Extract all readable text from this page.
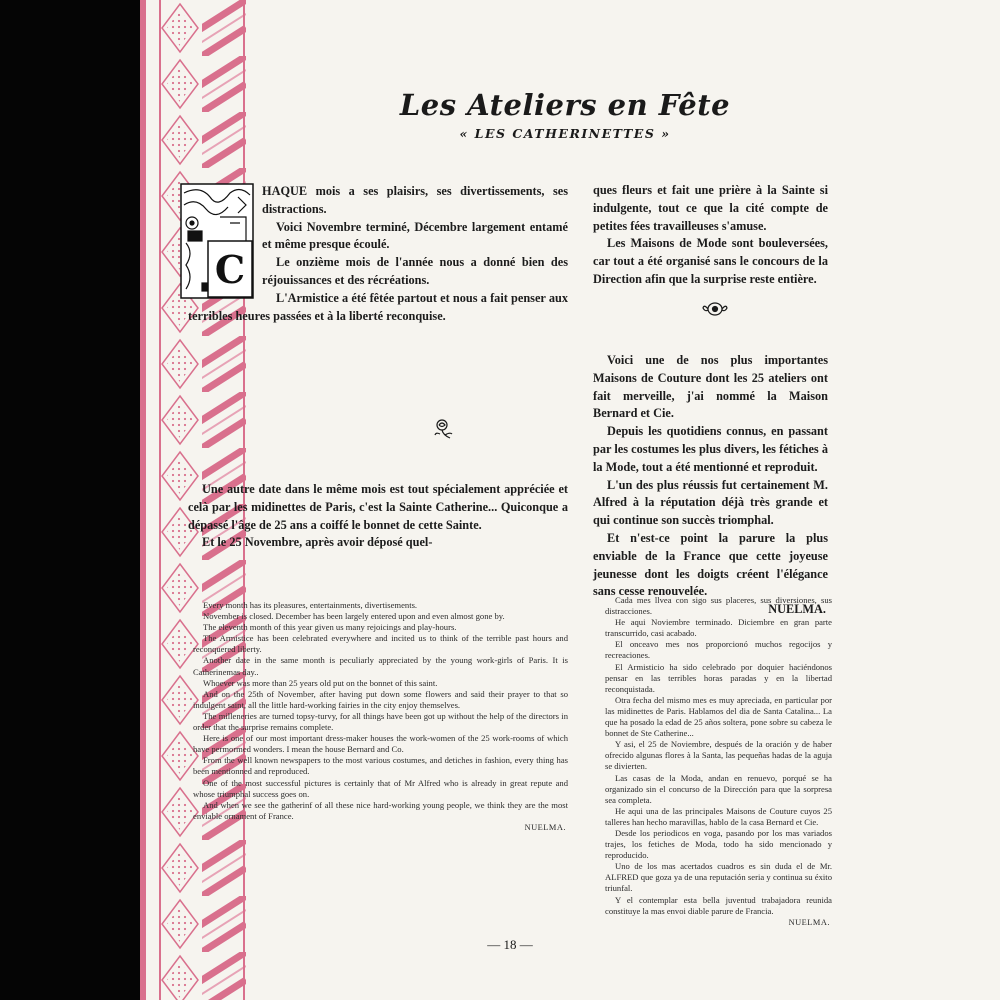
Les Ateliers en Fête
« LES CATHERINETTES »
C

HAQUE mois a ses plaisirs, ses divertissements, ses distractions.

Voici Novembre terminé, Décembre largement entamé et même presque écoulé.

Le onzième mois de l'année nous a donné bien des réjouissances et des récréations.

L'Armistice a été fêtée partout et nous a fait penser aux terribles heures passées et à la liberté reconquise.

Une autre date dans le même mois est tout spécialement appréciée et celà par les midinettes de Paris, c'est la Sainte Catherine... Quiconque a dépassé l'âge de 25 ans a coiffé le bonnet de cette Sainte.

Et le 25 Novembre, après avoir déposé quel-

ques fleurs et fait une prière à la Sainte si indulgente, tout ce que la cité compte de petites fées travailleuses s'amuse.

Les Maisons de Mode sont bouleversées, car tout a été organisé sans le concours de la Direction afin que la surprise reste entière.

Voici une de nos plus importantes Maisons de Couture dont les 25 ateliers ont fait merveille, j'ai nommé la Maison Bernard et Cie.

Depuis les quotidiens connus, en passant par les costumes les plus divers, les fétiches à la Mode, tout a été mentionné et reproduit.

L'un des plus réussis fut certainement M. Alfred à la réputation déjà très grande et qui continue son succès triomphal.

Et n'est-ce point la parure la plus enviable de la France que cette joyeuse jeunesse dont les doigts créent l'élégance sans cesse renouvelée.

NUELMA.

Every month has its pleasures, entertainments, divertisements.

November is closed. December has been largely entered upon and even almost gone by.

The eleventh month of this year given us many rejoicings and play-hours.

The Armistice has been celebrated everywhere and incited us to think of the terrible past hours and reconquered liberty.

Another date in the same month is peculiarly appreciated by the young work-girls of Paris. It is Catherinemas day..

Whoever was more than 25 years old put on the bonnet of this saint.

And on the 25th of November, after having put down some flowers and said their prayer to that so indulgent saint, all the little hard-working fairies in the city enjoy themselves.

The milleneries are turned topsy-turvy, for all things have been got up without the help of the directors in order that the surprise remains complete.

Here is one of our most important dress-maker houses the work-women of the 25 work-rooms of which have permormed wonders. I mean the house Bernard and Co.

From the well known newspapers to the most various costumes, and detiches in fashion, every thing has been mentionned and reproduced.

One of the most successful pictures is certainly that of Mr Alfred who is already in great repute and whose triumphal success goes on.

And when we see the gatherinf of all these nice hard-working young people, we think they are the most enviable ornament of France.

NUELMA.

Cada mes llvea con sigo sus placeres, sus diversiones, sus distracciones.

He aqui Noviembre terminado. Diciembre en gran parte transcurrido, casi acabado.

El onceavo mes nos proporcionó muchos regocijos y recreaciones.

El Armisticio ha sido celebrado por doquier haciéndonos pensar en las terribles horas paradas y en la libertad reconquistada.

Otra fecha del mismo mes es muy apreciada, en particular por las midinettes de Paris. Hablamos del dia de Santa Catalina... La que ha posado la edad de 25 años soltera, pone sobre su cabeza le bonnet de Ste Catherine...

Y asi, el 25 de Noviembre, después de la oración y de haber ofrecido algunas flores à la Santa, las pequeñas hadas de la aguja se divierten.

Las casas de la Moda, andan en renuevo, porqué se ha organizado sin el concurso de la Dirección para que la sorpresa sea completa.

He aqui una de las principales Maisons de Couture cuyos 25 talleres han hecho maravillas, hablo de la casa Bernard et Cie.

Desde los periodicos en voga, pasando por los mas variados trajes, los fetiches de Moda, todo ha sido mencionado y reproducido.

Uno de los mas acertados cuadros es sin duda el de Mr. ALFRED que goza ya de una reputación seria y continua su éxito triunfal.

Y el contemplar esta bella juventud trabajadora reunida constituye la mas envoi diable parure de Francia.

NUELMA.

— 18 —
